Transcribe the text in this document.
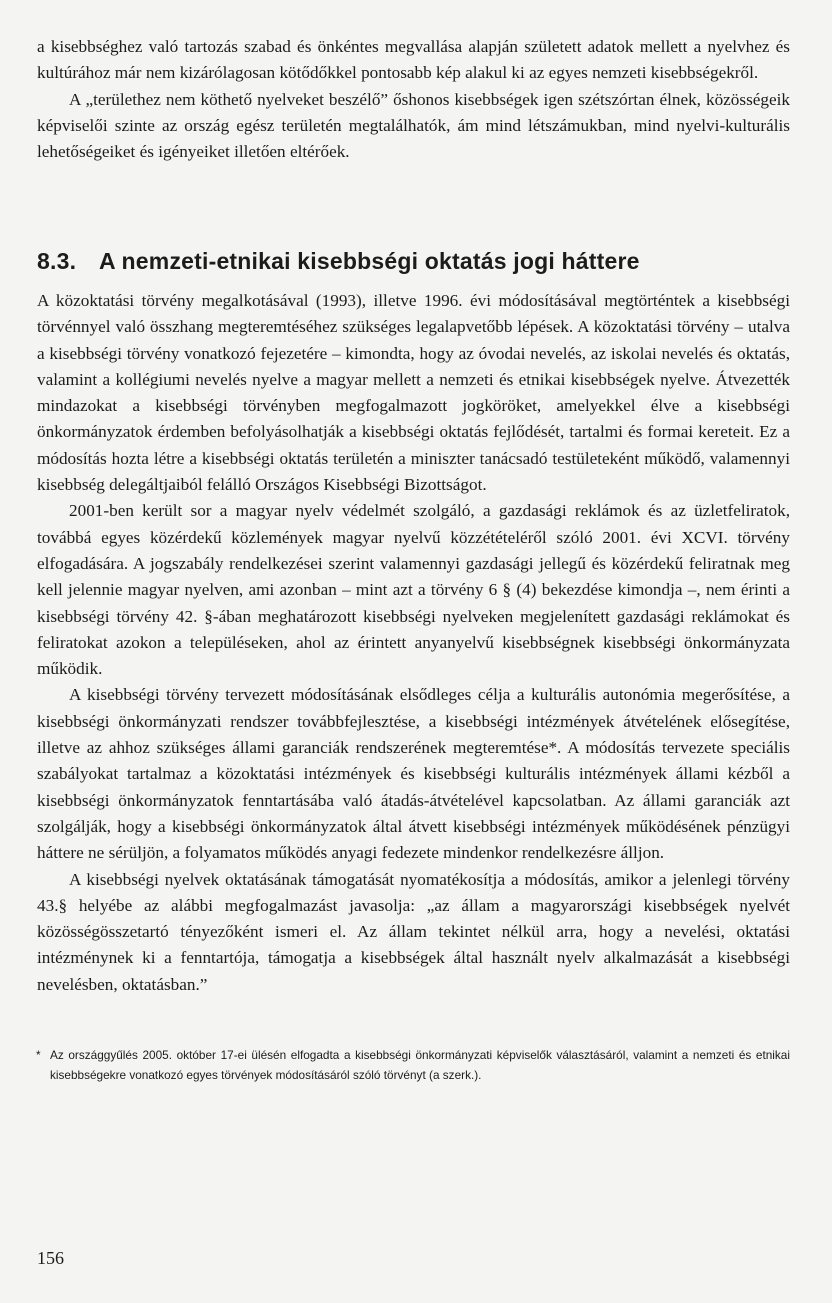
a kisebbséghez való tartozás szabad és önkéntes megvallása alapján született adatok mellett a nyelvhez és kultúrához már nem kizárólagosan kötődőkkel pontosabb kép alakul ki az egyes nemzeti kisebbségekről.

A „területhez nem köthető nyelveket beszélő” őshonos kisebbségek igen szétszórtan élnek, közösségeik képviselői szinte az ország egész területén megtalálhatók, ám mind létszámukban, mind nyelvi-kulturális lehetőségeiket és igényeiket illetően eltérőek.

8.3. A nemzeti-etnikai kisebbségi oktatás jogi háttere

A közoktatási törvény megalkotásával (1993), illetve 1996. évi módosításával megtörténtek a kisebbségi törvénnyel való összhang megteremtéséhez szükséges legalapvetőbb lépések. A közoktatási törvény – utalva a kisebbségi törvény vonatkozó fejezetére – kimondta, hogy az óvodai nevelés, az iskolai nevelés és oktatás, valamint a kollégiumi nevelés nyelve a magyar mellett a nemzeti és etnikai kisebbségek nyelve. Átvezették mindazokat a kisebbségi törvényben megfogalmazott jogköröket, amelyekkel élve a kisebbségi önkormányzatok érdemben befolyásolhatják a kisebbségi oktatás fejlődését, tartalmi és formai kereteit. Ez a módosítás hozta létre a kisebbségi oktatás területén a miniszter tanácsadó testületeként működő, valamennyi kisebbség delegáltjaiból felálló Országos Kisebbségi Bizottságot.

2001-ben került sor a magyar nyelv védelmét szolgáló, a gazdasági reklámok és az üzletfeliratok, továbbá egyes közérdekű közlemények magyar nyelvű közzétételéről szóló 2001. évi XCVI. törvény elfogadására. A jogszabály rendelkezései szerint valamennyi gazdasági jellegű és közérdekű feliratnak meg kell jelennie magyar nyelven, ami azonban – mint azt a törvény 6 § (4) bekezdése kimondja –, nem érinti a kisebbségi törvény 42. §-ában meghatározott kisebbségi nyelveken megjelenített gazdasági reklámokat és feliratokat azokon a településeken, ahol az érintett anyanyelvű kisebbségnek kisebbségi önkormányzata működik.

A kisebbségi törvény tervezett módosításának elsődleges célja a kulturális autonómia megerősítése, a kisebbségi önkormányzati rendszer továbbfejlesztése, a kisebbségi intézmények átvételének elősegítése, illetve az ahhoz szükséges állami garanciák rendszerének megteremtése*. A módosítás tervezete speciális szabályokat tartalmaz a közoktatási intézmények és kisebbségi kulturális intézmények állami kézből a kisebbségi önkormányzatok fenntartásába való átadás-átvételével kapcsolatban. Az állami garanciák azt szolgálják, hogy a kisebbségi önkormányzatok által átvett kisebbségi intézmények működésének pénzügyi háttere ne sérüljön, a folyamatos működés anyagi fedezete mindenkor rendelkezésre álljon.

A kisebbségi nyelvek oktatásának támogatását nyomatékosítja a módosítás, amikor a jelenlegi törvény 43.§ helyébe az alábbi megfogalmazást javasolja: „az állam a magyarországi kisebbségek nyelvét közösségösszetartó tényezőként ismeri el. Az állam tekintet nélkül arra, hogy a nevelési, oktatási intézménynek ki a fenntartója, támogatja a kisebbségek által használt nyelv alkalmazását a kisebbségi nevelésben, oktatásban.”

* Az országgyűlés 2005. október 17-ei ülésén elfogadta a kisebbségi önkormányzati képviselők választásáról, valamint a nemzeti és etnikai kisebbségekre vonatkozó egyes törvények módosításáról szóló törvényt (a szerk.).
156
